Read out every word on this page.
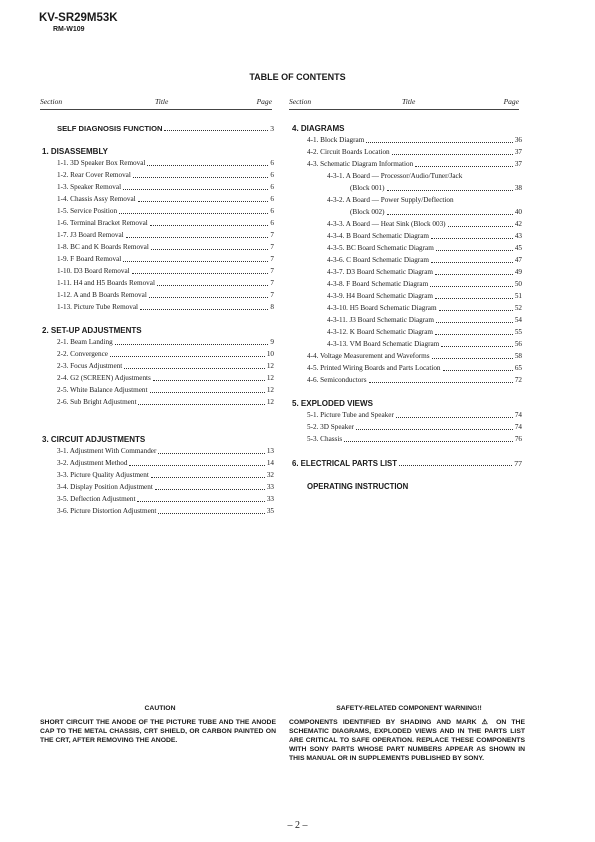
KV-SR29M53K
RM-W109
TABLE OF CONTENTS
Section	Title	Page Section	Title	Page
SELF DIAGNOSIS FUNCTION	3
1. DISASSEMBLY
1-1. 3D Speaker Box Removal	6
1-2. Rear Cover Removal	6
1-3. Speaker Removal	6
1-4. Chassis Assy Removal	6
1-5. Service Position	6
1-6. Terminal Bracket Removal	6
1-7. J3 Board Removal	7
1-8. BC and K Boards Removal	7
1-9. F Board Removal	7
1-10. D3 Board Removal	7
1-11. H4 and H5 Boards Removal	7
1-12. A and B Boards Removal	7
1-13. Picture Tube Removal	8
2. SET-UP ADJUSTMENTS
2-1. Beam Landing	9
2-2. Convergence	10
2-3. Focus Adjustment	12
2-4. G2 (SCREEN) Adjustments	12
2-5. White Balance Adjustment	12
2-6. Sub Bright Adjustment	12
3. CIRCUIT ADJUSTMENTS
3-1. Adjustment With Commander	13
3-2. Adjustment Method	14
3-3. Picture Quality Adjustment	32
3-4. Display Position Adjustment	33
3-5. Deflection Adjustment	33
3-6. Picture Distortion Adjustment	35
4. DIAGRAMS
4-1. Block Diagram	36
4-2. Circuit Boards Location	37
4-3. Schematic Diagram Information	37
4-3-1. A Board — Processor/Audio/Tuner/Jack
(Block 001)	38
4-3-2. A Board — Power Supply/Deflection
(Block 002)	40
4-3-3. A Board — Heat Sink (Block 003)	42
4-3-4. B Board Schematic Diagram	43
4-3-5. BC Board Schematic Diagram	45
4-3-6. C Board Schematic Diagram	47
4-3-7. D3 Board Schematic Diagram	49
4-3-8. F Board Schematic Diagram	50
4-3-9. H4 Board Schematic Diagram	51
4-3-10. H5 Board Schematic Diagram	52
4-3-11. J3 Board Schematic Diagram	54
4-3-12. K Board Schematic Diagram	55
4-3-13. VM Board Schematic Diagram	56
4-4. Voltage Measurement and Waveforms	58
4-5. Printed Wiring Boards and Parts Location	65
4-6. Semiconductors	72
5. EXPLODED VIEWS
5-1. Picture Tube and Speaker	74
5-2. 3D Speaker	74
5-3. Chassis	76
6. ELECTRICAL PARTS LIST	77
OPERATING INSTRUCTION
CAUTION
SHORT CIRCUIT THE ANODE OF THE PICTURE TUBE AND THE ANODE CAP TO THE METAL CHASSIS, CRT SHIELD, OR CARBON PAINTED ON THE CRT, AFTER REMOVING THE ANODE.
SAFETY-RELATED COMPONENT WARNING!!
COMPONENTS IDENTIFIED BY SHADING AND MARK ⚠ ON THE SCHEMATIC DIAGRAMS, EXPLODED VIEWS AND IN THE PARTS LIST ARE CRITICAL TO SAFE OPERATION. REPLACE THESE COMPONENTS WITH SONY PARTS WHOSE PART NUMBERS APPEAR AS SHOWN IN THIS MANUAL OR IN SUPPLEMENTS PUBLISHED BY SONY.
– 2 –
